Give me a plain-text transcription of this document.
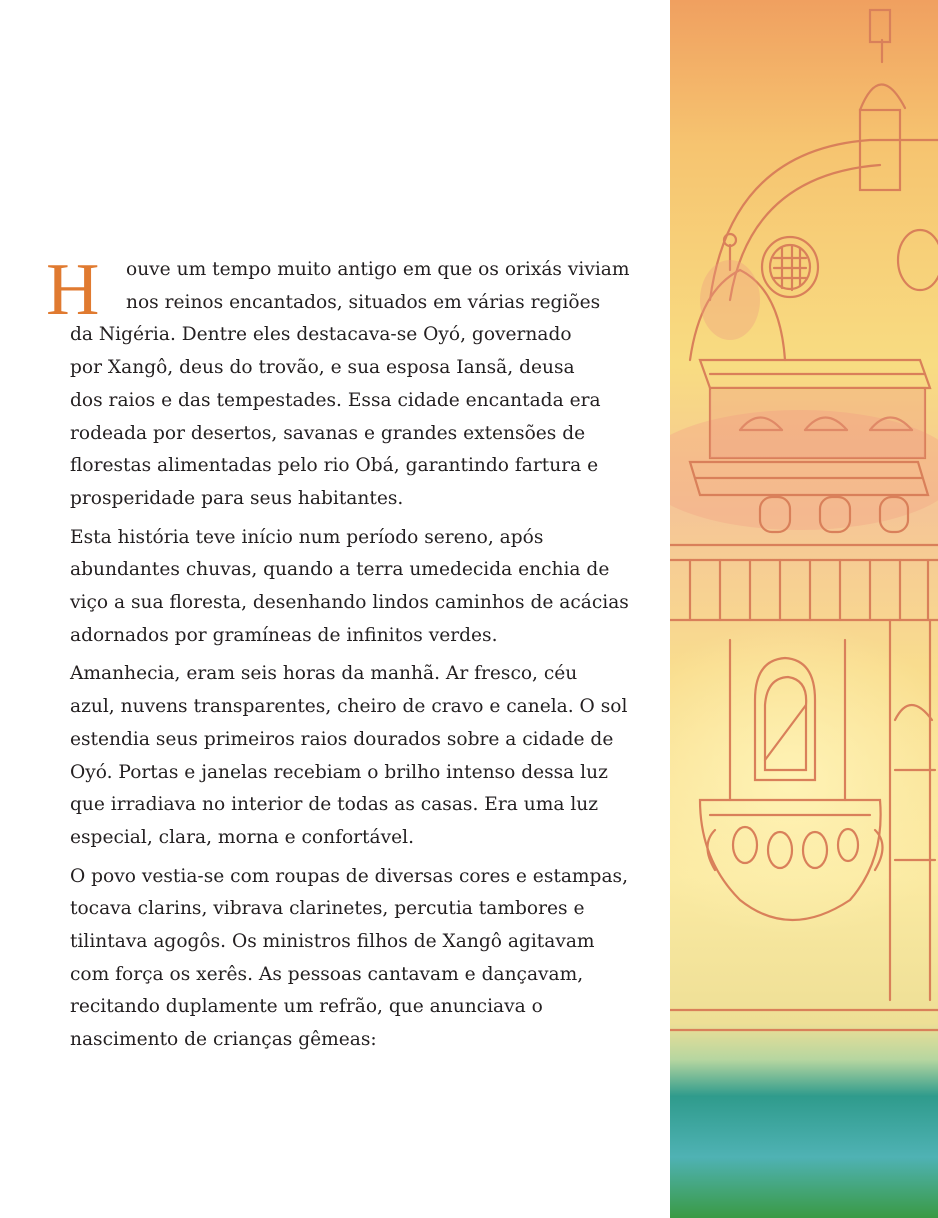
H	ouve um tempo muito antigo em que os orixás viviam
nos reinos encantados, situados em várias regiões
da Nigéria. Dentre eles destacava-se Oyó, governado
por Xangô, deus do trovão, e sua esposa Iansã, deusa
dos raios e das tempestades. Essa cidade encantada era
rodeada por desertos, savanas e grandes extensões de
florestas alimentadas pelo rio Obá, garantindo fartura e
prosperidade para seus habitantes.
Esta história teve início num período sereno, após
abundantes chuvas, quando a terra umedecida enchia de
viço a sua floresta, desenhando lindos caminhos de acácias
adornados por gramíneas de infinitos verdes.
Amanhecia, eram seis horas da manhã. Ar fresco, céu
azul, nuvens transparentes, cheiro de cravo e canela. O sol
estendia seus primeiros raios dourados sobre a cidade de
Oyó. Portas e janelas recebiam o brilho intenso dessa luz
que irradiava no interior de todas as casas. Era uma luz
especial, clara, morna e confortável.
O povo vestia-se com roupas de diversas cores e estampas,
tocava clarins, vibrava clarinetes, percutia tambores e
tilintava agogôs. Os ministros filhos de Xangô agitavam
com força os xerês. As pessoas cantavam e dançavam,
recitando duplamente um refrão, que anunciava o
nascimento de crianças gêmeas:
